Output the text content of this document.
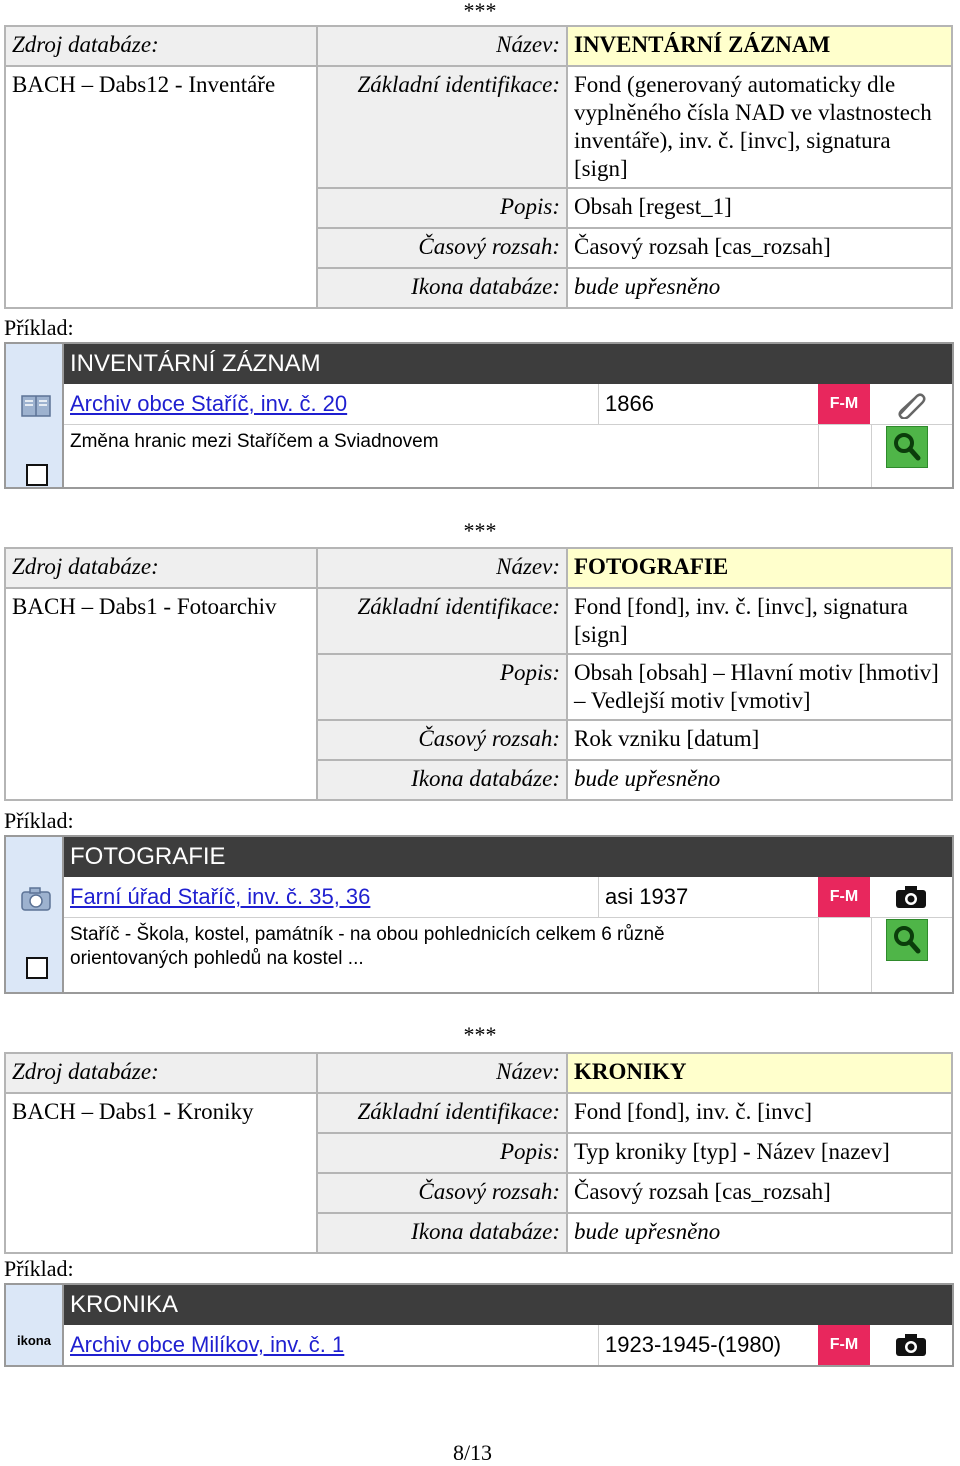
***
Zdroj databáze:	Název:	INVENTÁRNÍ ZÁZNAM
BACH – Dabs12 - Inventáře	Základní identifikace:	Fond (generovaný automaticky dle vyplněného čísla NAD ve vlastnostech inventáře), inv. č. [invc], signatura [sign]
	Popis:	Obsah [regest_1]
	Časový rozsah:	Časový rozsah [cas_rozsah]
	Ikona databáze:	bude upřesněno
Příklad:
INVENTÁRNÍ ZÁZNAM
Archiv obce Staříč, inv. č. 20	1866	F-M
Změna hranic mezi Staříčem a Sviadnovem
***
Zdroj databáze:	Název:	FOTOGRAFIE
BACH – Dabs1 - Fotoarchiv	Základní identifikace:	Fond [fond], inv. č. [invc], signatura [sign]
	Popis:	Obsah [obsah] – Hlavní motiv [hmotiv] – Vedlejší motiv [vmotiv]
	Časový rozsah:	Rok vzniku [datum]
	Ikona databáze:	bude upřesněno
Příklad:
FOTOGRAFIE
Farní úřad Staříč, inv. č. 35, 36	asi 1937	F-M
Staříč - Škola, kostel, památník - na obou pohlednicích celkem 6 různě orientovaných pohledů na kostel ...
***
Zdroj databáze:	Název:	KRONIKY
BACH – Dabs1 - Kroniky	Základní identifikace:	Fond [fond], inv. č. [invc]
	Popis:	Typ kroniky [typ] - Název [nazev]
	Časový rozsah:	Časový rozsah [cas_rozsah]
	Ikona databáze:	bude upřesněno
Příklad:
ikona
KRONIKA
Archiv obce Milíkov, inv. č. 1	1923-1945-(1980)	F-M
8/13
